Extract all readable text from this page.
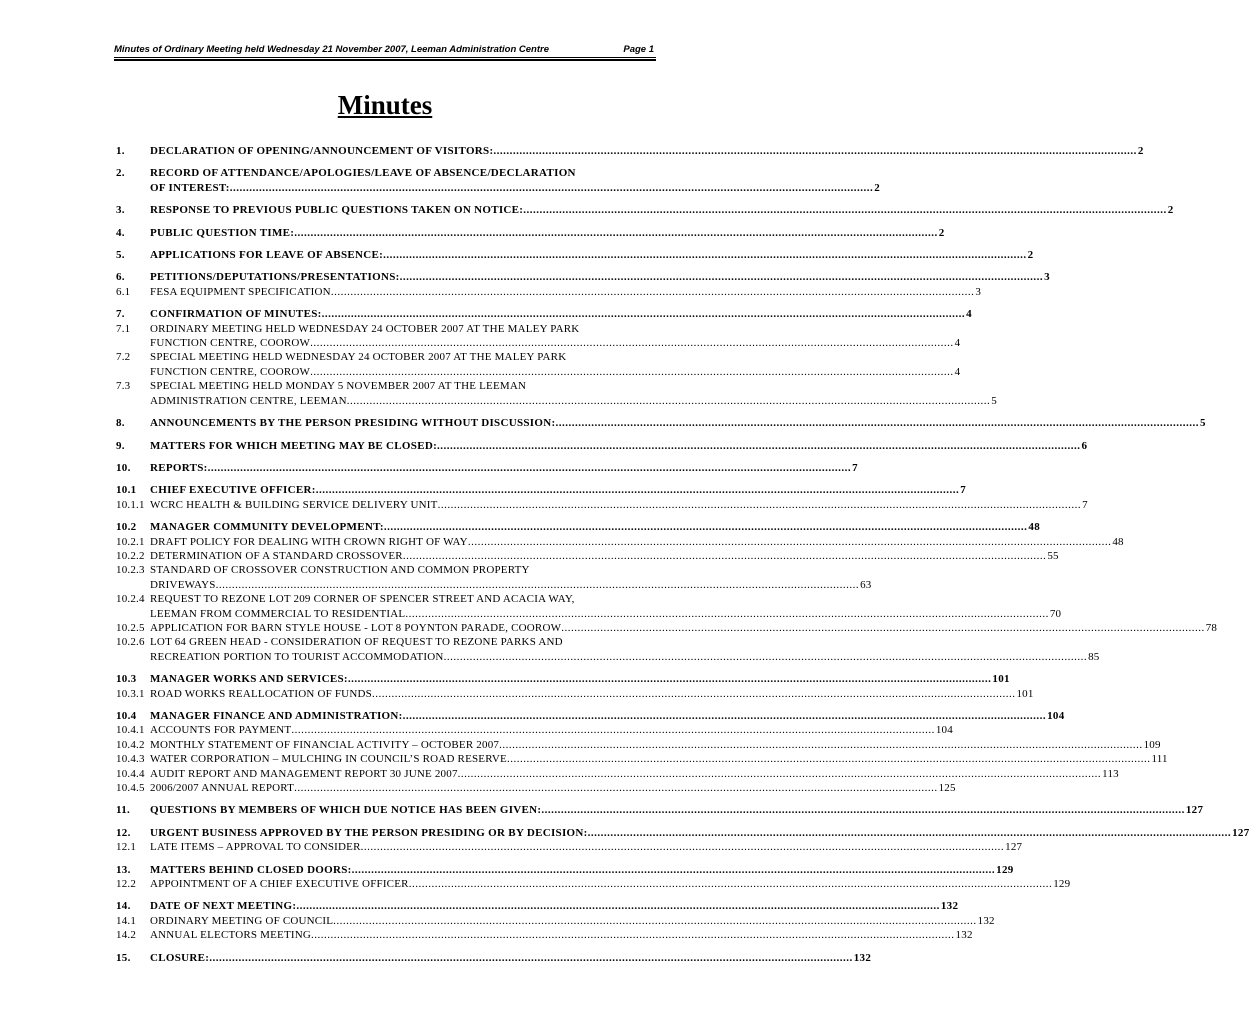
Minutes of Ordinary Meeting held Wednesday 21 November 2007, Leeman Administration Centre	Page 1
Minutes
1.	DECLARATION OF OPENING/ANNOUNCEMENT OF VISITORS: .....	2
2.	RECORD OF ATTENDANCE/APOLOGIES/LEAVE OF ABSENCE/DECLARATION
OF INTEREST: .....	2
3.	RESPONSE TO PREVIOUS PUBLIC QUESTIONS TAKEN ON NOTICE: .....	2
4.	PUBLIC QUESTION TIME: .....	2
5.	APPLICATIONS FOR LEAVE OF ABSENCE: .....	2
6.	PETITIONS/DEPUTATIONS/PRESENTATIONS: .....	3
6.1	FESA EQUIPMENT SPECIFICATION .....	3
7.	CONFIRMATION OF MINUTES: .....	4
7.1	ORDINARY MEETING HELD WEDNESDAY 24 OCTOBER 2007 AT THE MALEY PARK
FUNCTION CENTRE, COOROW .....	4
7.2	SPECIAL MEETING HELD WEDNESDAY 24 OCTOBER 2007 AT THE MALEY PARK
FUNCTION CENTRE, COOROW .....	4
7.3	SPECIAL MEETING HELD MONDAY 5 NOVEMBER 2007 AT THE LEEMAN
ADMINISTRATION CENTRE, LEEMAN .....	5
8.	ANNOUNCEMENTS BY THE PERSON PRESIDING WITHOUT DISCUSSION: .....	5
9.	MATTERS FOR WHICH MEETING MAY BE CLOSED: .....	6
10.	REPORTS: .....	7
10.1	CHIEF EXECUTIVE OFFICER: .....	7
10.1.1 WCRC HEALTH & BUILDING SERVICE DELIVERY UNIT .....	7
10.2	MANAGER COMMUNITY DEVELOPMENT: .....	48
10.2.1 DRAFT POLICY FOR DEALING WITH CROWN RIGHT OF WAY .....	48
10.2.2 DETERMINATION OF A STANDARD CROSSOVER .....	55
10.2.3 STANDARD OF CROSSOVER CONSTRUCTION AND COMMON PROPERTY
DRIVEWAYS .....	63
10.2.4 REQUEST TO REZONE LOT 209 CORNER OF SPENCER STREET AND ACACIA WAY,
LEEMAN FROM COMMERCIAL TO RESIDENTIAL .....	70
10.2.5 APPLICATION FOR BARN STYLE HOUSE - LOT 8 POYNTON PARADE, COOROW .....	78
10.2.6 LOT 64 GREEN HEAD - CONSIDERATION OF REQUEST TO REZONE PARKS AND
RECREATION PORTION TO TOURIST ACCOMMODATION .....	85
10.3	MANAGER WORKS AND SERVICES: .....	101
10.3.1 ROAD WORKS REALLOCATION OF FUNDS .....	101
10.4	MANAGER FINANCE AND ADMINISTRATION: .....	104
10.4.1 ACCOUNTS FOR PAYMENT .....	104
10.4.2 MONTHLY STATEMENT OF FINANCIAL ACTIVITY – OCTOBER 2007 .....	109
10.4.3 WATER CORPORATION – MULCHING IN COUNCIL’S ROAD RESERVE .....	111
10.4.4 AUDIT REPORT AND MANAGEMENT REPORT 30 JUNE 2007 .....	113
10.4.5 2006/2007 ANNUAL REPORT .....	125
11.	QUESTIONS BY MEMBERS OF WHICH DUE NOTICE HAS BEEN GIVEN: .....	127
12.	URGENT BUSINESS APPROVED BY THE PERSON PRESIDING OR BY DECISION: .....	127
12.1	LATE ITEMS – APPROVAL TO CONSIDER .....	127
13.	MATTERS BEHIND CLOSED DOORS: .....	129
12.2	APPOINTMENT OF A CHIEF EXECUTIVE OFFICER .....	129
14.	DATE OF NEXT MEETING: .....	132
14.1	ORDINARY MEETING OF COUNCIL .....	132
14.2	ANNUAL ELECTORS MEETING .....	132
15.	CLOSURE: .....	132
